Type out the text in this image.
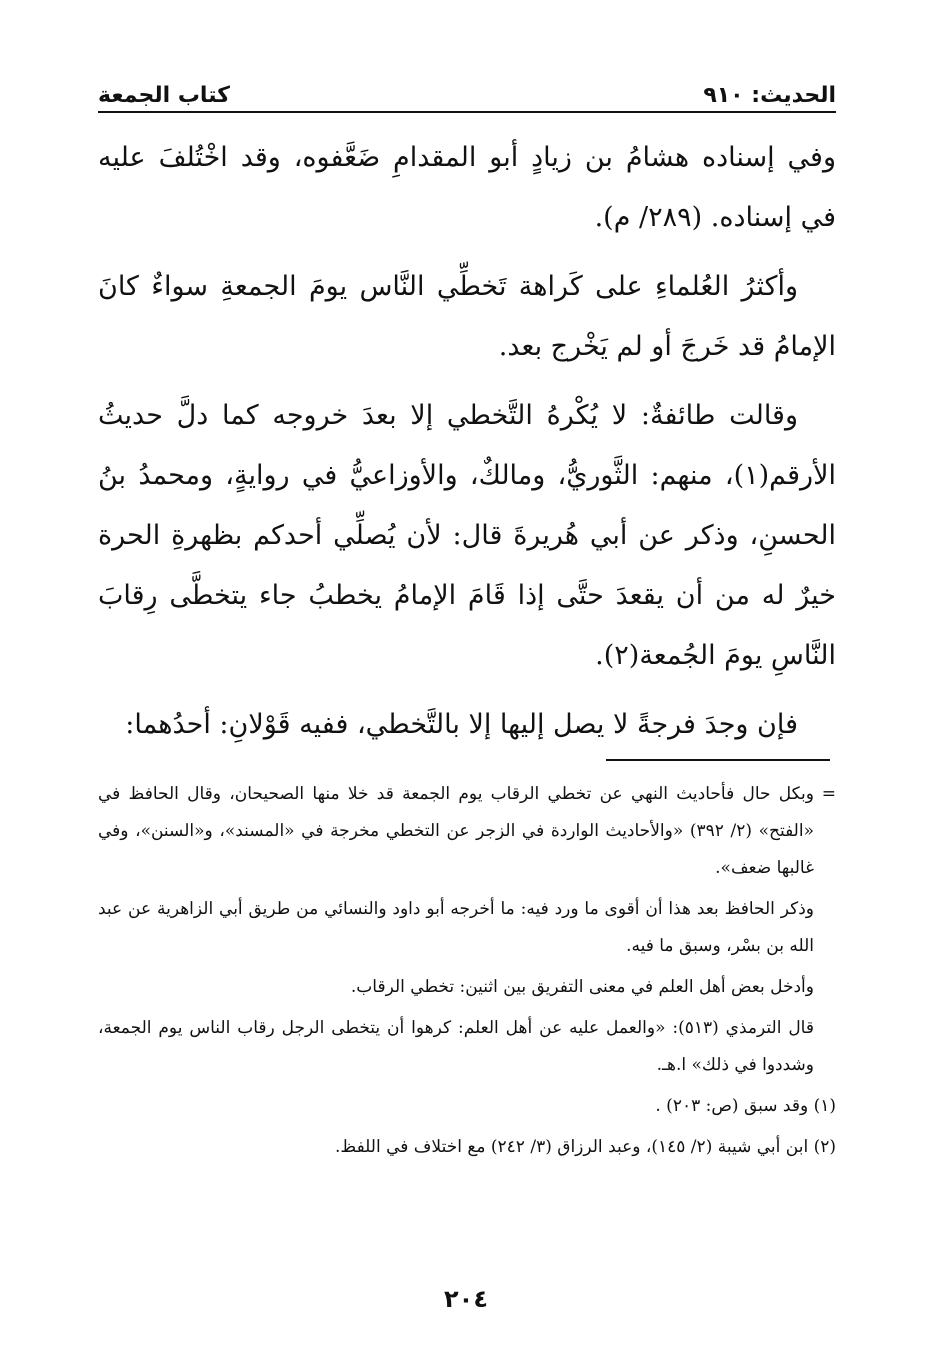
الحديث: ٩١٠
كتاب الجمعة

وفي إسناده هشامُ بن زيادٍ أبو المقدامِ ضَعَّفوه، وقد اخْتُلفَ عليه في إسناده. (٢٨٩/ م).

وأكثرُ العُلماءِ على كَراهة تَخطِّي النَّاس يومَ الجمعةِ سواءٌ كانَ الإمامُ قد خَرجَ أو لم يَخْرج بعد.

وقالت طائفةٌ: لا يُكْرهُ التَّخطي إلا بعدَ خروجه كما دلَّ حديثُ الأرقم(١)، منهم: الثَّوريُّ، ومالكٌ، والأوزاعيُّ في روايةٍ، ومحمدُ بنُ الحسنِ، وذكر عن أبي هُريرةَ قال: لأن يُصلِّي أحدكم بظهرةِ الحرة خيرٌ له من أن يقعدَ حتَّى إذا قَامَ الإمامُ يخطبُ جاء يتخطَّى رِقابَ النَّاسِ يومَ الجُمعة(٢).

فإن وجدَ فرجةً لا يصل إليها إلا بالتَّخطي، ففيه قَوْلانِ: أحدُهما:

=
وبكل حال فأحاديث النهي عن تخطي الرقاب يوم الجمعة قد خلا منها الصحيحان، وقال الحافظ في «الفتح» (٢/ ٣٩٢) «والأحاديث الواردة في الزجر عن التخطي مخرجة في «المسند»، و«السنن»، وفي غالبها ضعف».

وذكر الحافظ بعد هذا أن أقوى ما ورد فيه: ما أخرجه أبو داود والنسائي من طريق أبي الزاهرية عن عبد الله بن بسْر، وسبق ما فيه.

وأدخل بعض أهل العلم في معنى التفريق بين اثنين: تخطي الرقاب.

قال الترمذي (٥١٣): «والعمل عليه عن أهل العلم: كرهوا أن يتخطى الرجل رقاب الناس يوم الجمعة، وشددوا في ذلك» ا.هـ.

(١) وقد سبق (ص: ٢٠٣) .

(٢) ابن أبي شيبة (٢/ ١٤٥)، وعبد الرزاق (٣/ ٢٤٢) مع اختلاف في اللفظ.

٢٠٤
